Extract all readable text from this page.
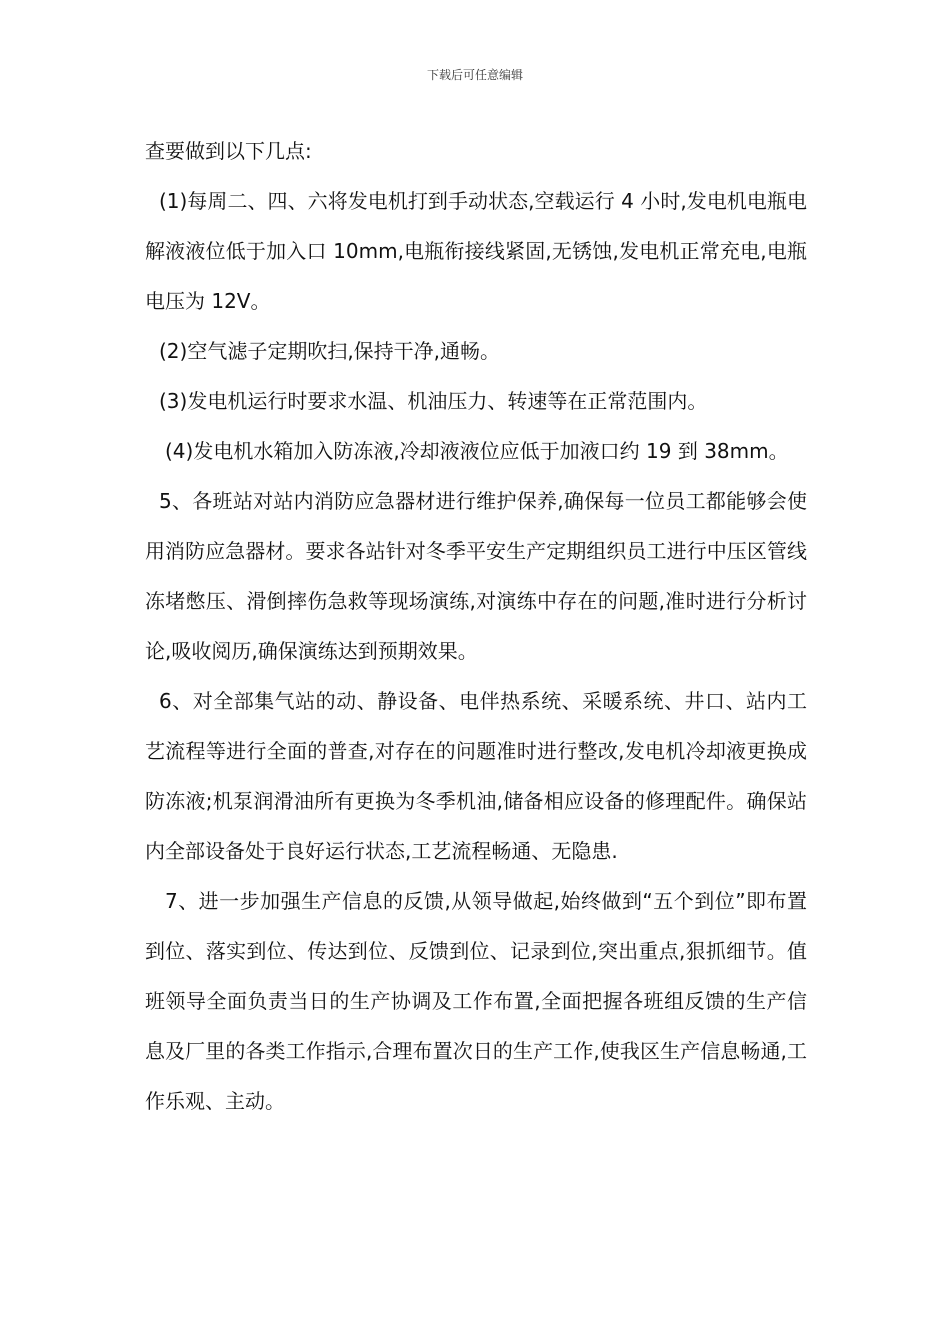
下载后可任意编辑

查要做到以下几点:

(1)每周二、四、六将发电机打到手动状态,空载运行 4 小时,发电机电瓶电解液液位低于加入口 10mm,电瓶衔接线紧固,无锈蚀,发电机正常充电,电瓶电压为 12V。

(2)空气滤子定期吹扫,保持干净,通畅。

(3)发电机运行时要求水温、机油压力、转速等在正常范围内。

(4)发电机水箱加入防冻液,冷却液液位应低于加液口约 19 到 38mm。

5、各班站对站内消防应急器材进行维护保养,确保每一位员工都能够会使用消防应急器材。要求各站针对冬季平安生产定期组织员工进行中压区管线冻堵憋压、滑倒摔伤急救等现场演练,对演练中存在的问题,准时进行分析讨论,吸收阅历,确保演练达到预期效果。

6、对全部集气站的动、静设备、电伴热系统、采暖系统、井口、站内工艺流程等进行全面的普查,对存在的问题准时进行整改,发电机冷却液更换成防冻液;机泵润滑油所有更换为冬季机油,储备相应设备的修理配件。确保站内全部设备处于良好运行状态,工艺流程畅通、无隐患.

7、进一步加强生产信息的反馈,从领导做起,始终做到“五个到位”即布置到位、落实到位、传达到位、反馈到位、记录到位,突出重点,狠抓细节。值班领导全面负责当日的生产协调及工作布置,全面把握各班组反馈的生产信息及厂里的各类工作指示,合理布置次日的生产工作,使我区生产信息畅通,工作乐观、主动。
